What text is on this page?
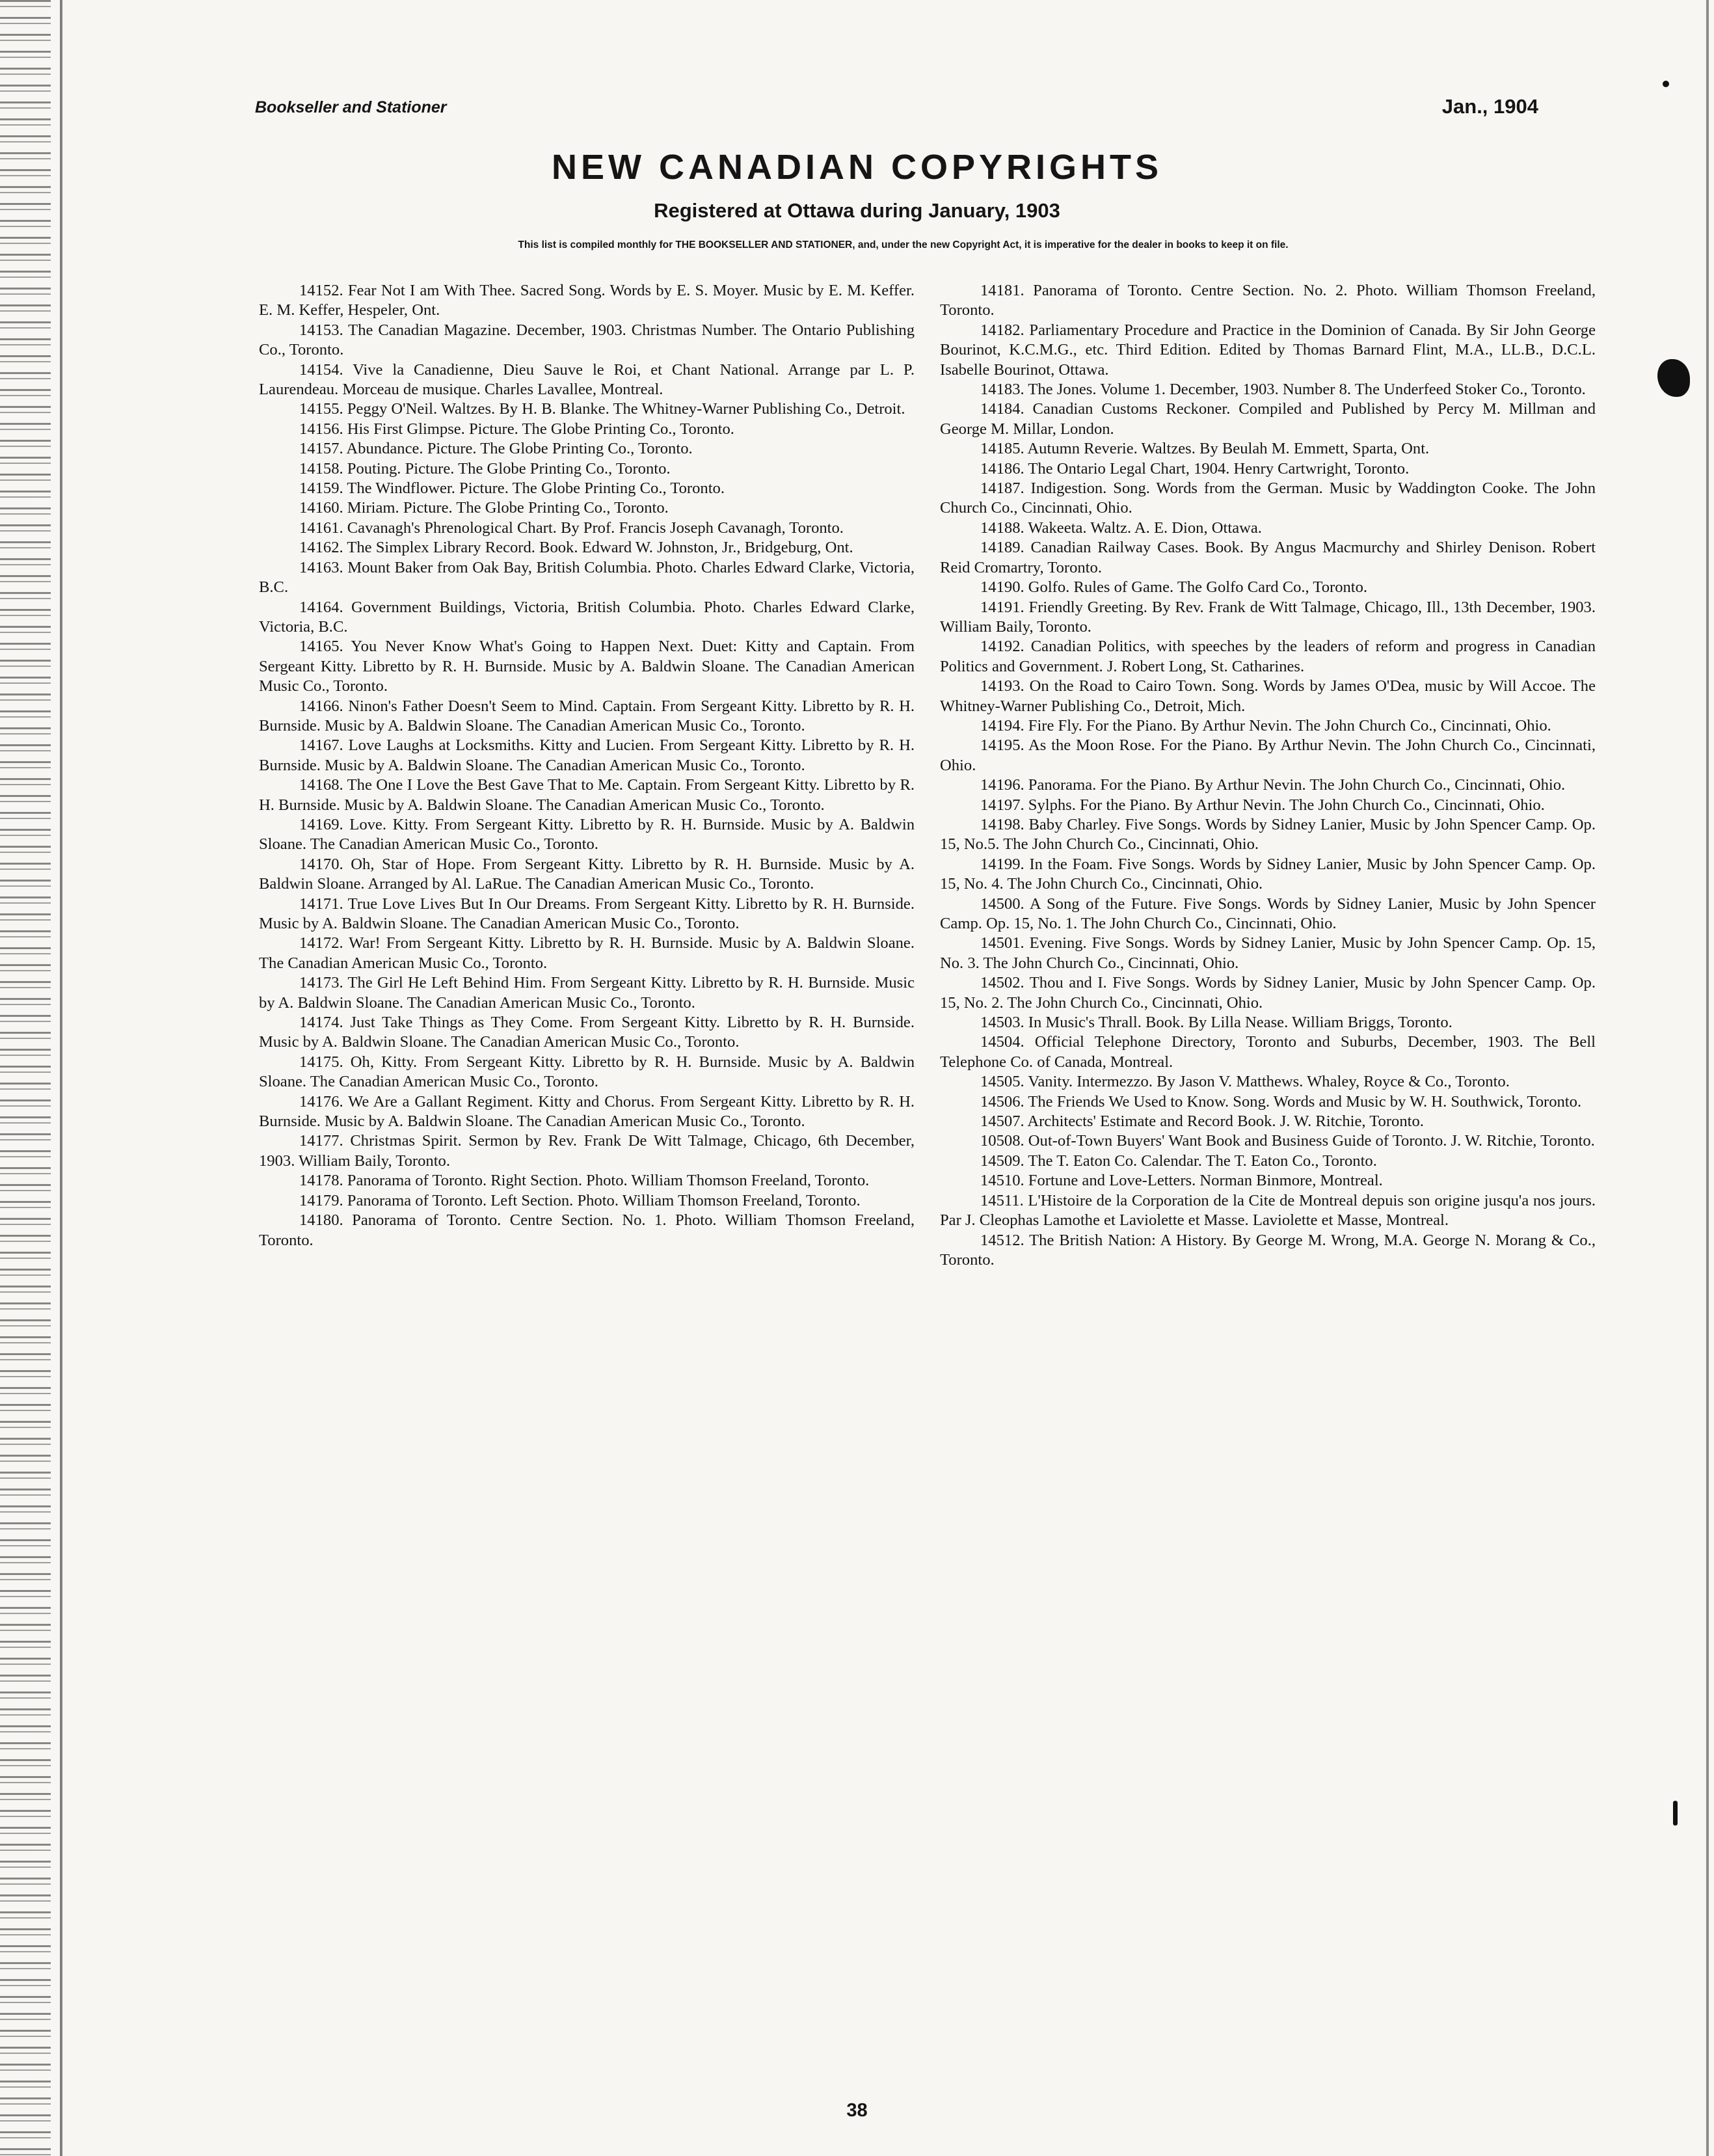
Bookseller and Stationer	Jan., 1904
NEW CANADIAN COPYRIGHTS
Registered at Ottawa during January, 1903
This list is compiled monthly for THE BOOKSELLER AND STATIONER, and, under the new Copyright Act, it is imperative for the dealer in books to keep it on file.

14152. Fear Not I am With Thee. Sacred Song. Words by E. S. Moyer. Music by E. M. Keffer. E. M. Keffer, Hespeler, Ont.

14153. The Canadian Magazine. December, 1903. Christmas Number. The Ontario Publishing Co., Toronto.

14154. Vive la Canadienne, Dieu Sauve le Roi, et Chant National. Arrange par L. P. Laurendeau. Morceau de musique. Charles Lavallee, Montreal.

14155. Peggy O'Neil. Waltzes. By H. B. Blanke. The Whitney-Warner Publishing Co., Detroit.

14156. His First Glimpse. Picture. The Globe Printing Co., Toronto.

14157. Abundance. Picture. The Globe Printing Co., Toronto.

14158. Pouting. Picture. The Globe Printing Co., Toronto.

14159. The Windflower. Picture. The Globe Printing Co., Toronto.

14160. Miriam. Picture. The Globe Printing Co., Toronto.

14161. Cavanagh's Phrenological Chart. By Prof. Francis Joseph Cavanagh, Toronto.

14162. The Simplex Library Record. Book. Edward W. Johnston, Jr., Bridgeburg, Ont.

14163. Mount Baker from Oak Bay, British Columbia. Photo. Charles Edward Clarke, Victoria, B.C.

14164. Government Buildings, Victoria, British Columbia. Photo. Charles Edward Clarke, Victoria, B.C.

14165. You Never Know What's Going to Happen Next. Duet: Kitty and Captain. From Sergeant Kitty. Libretto by R. H. Burnside. Music by A. Baldwin Sloane. The Canadian American Music Co., Toronto.

14166. Ninon's Father Doesn't Seem to Mind. Captain. From Sergeant Kitty. Libretto by R. H. Burnside. Music by A. Baldwin Sloane. The Canadian American Music Co., Toronto.

14167. Love Laughs at Locksmiths. Kitty and Lucien. From Sergeant Kitty. Libretto by R. H. Burnside. Music by A. Baldwin Sloane. The Canadian American Music Co., Toronto.

14168. The One I Love the Best Gave That to Me. Captain. From Sergeant Kitty. Libretto by R. H. Burnside. Music by A. Baldwin Sloane. The Canadian American Music Co., Toronto.

14169. Love. Kitty. From Sergeant Kitty. Libretto by R. H. Burnside. Music by A. Baldwin Sloane. The Canadian American Music Co., Toronto.

14170. Oh, Star of Hope. From Sergeant Kitty. Libretto by R. H. Burnside. Music by A. Baldwin Sloane. Arranged by Al. LaRue. The Canadian American Music Co., Toronto.

14171. True Love Lives But In Our Dreams. From Sergeant Kitty. Libretto by R. H. Burnside. Music by A. Baldwin Sloane. The Canadian American Music Co., Toronto.

14172. War! From Sergeant Kitty. Libretto by R. H. Burnside. Music by A. Baldwin Sloane. The Canadian American Music Co., Toronto.

14173. The Girl He Left Behind Him. From Sergeant Kitty. Libretto by R. H. Burnside. Music by A. Baldwin Sloane. The Canadian American Music Co., Toronto.

14174. Just Take Things as They Come. From Sergeant Kitty. Libretto by R. H. Burnside. Music by A. Baldwin Sloane. The Canadian American Music Co., Toronto.

14175. Oh, Kitty. From Sergeant Kitty. Libretto by R. H. Burnside. Music by A. Baldwin Sloane. The Canadian American Music Co., Toronto.

14176. We Are a Gallant Regiment. Kitty and Chorus. From Sergeant Kitty. Libretto by R. H. Burnside. Music by A. Baldwin Sloane. The Canadian American Music Co., Toronto.

14177. Christmas Spirit. Sermon by Rev. Frank De Witt Talmage, Chicago, 6th December, 1903. William Baily, Toronto.

14178. Panorama of Toronto. Right Section. Photo. William Thomson Freeland, Toronto.

14179. Panorama of Toronto. Left Section. Photo. William Thomson Freeland, Toronto.

14180. Panorama of Toronto. Centre Section. No. 1. Photo. William Thomson Freeland, Toronto.

14181. Panorama of Toronto. Centre Section. No. 2. Photo. William Thomson Freeland, Toronto.

14182. Parliamentary Procedure and Practice in the Dominion of Canada. By Sir John George Bourinot, K.C.M.G., etc. Third Edition. Edited by Thomas Barnard Flint, M.A., LL.B., D.C.L. Isabelle Bourinot, Ottawa.

14183. The Jones. Volume 1. December, 1903. Number 8. The Underfeed Stoker Co., Toronto.

14184. Canadian Customs Reckoner. Compiled and Published by Percy M. Millman and George M. Millar, London.

14185. Autumn Reverie. Waltzes. By Beulah M. Emmett, Sparta, Ont.

14186. The Ontario Legal Chart, 1904. Henry Cartwright, Toronto.

14187. Indigestion. Song. Words from the German. Music by Waddington Cooke. The John Church Co., Cincinnati, Ohio.

14188. Wakeeta. Waltz. A. E. Dion, Ottawa.

14189. Canadian Railway Cases. Book. By Angus Macmurchy and Shirley Denison. Robert Reid Cromartry, Toronto.

14190. Golfo. Rules of Game. The Golfo Card Co., Toronto.

14191. Friendly Greeting. By Rev. Frank de Witt Talmage, Chicago, Ill., 13th December, 1903. William Baily, Toronto.

14192. Canadian Politics, with speeches by the leaders of reform and progress in Canadian Politics and Government. J. Robert Long, St. Catharines.

14193. On the Road to Cairo Town. Song. Words by James O'Dea, music by Will Accoe. The Whitney-Warner Publishing Co., Detroit, Mich.

14194. Fire Fly. For the Piano. By Arthur Nevin. The John Church Co., Cincinnati, Ohio.

14195. As the Moon Rose. For the Piano. By Arthur Nevin. The John Church Co., Cincinnati, Ohio.

14196. Panorama. For the Piano. By Arthur Nevin. The John Church Co., Cincinnati, Ohio.

14197. Sylphs. For the Piano. By Arthur Nevin. The John Church Co., Cincinnati, Ohio.

14198. Baby Charley. Five Songs. Words by Sidney Lanier, Music by John Spencer Camp. Op. 15, No.5. The John Church Co., Cincinnati, Ohio.

14199. In the Foam. Five Songs. Words by Sidney Lanier, Music by John Spencer Camp. Op. 15, No. 4. The John Church Co., Cincinnati, Ohio.

14500. A Song of the Future. Five Songs. Words by Sidney Lanier, Music by John Spencer Camp. Op. 15, No. 1. The John Church Co., Cincinnati, Ohio.

14501. Evening. Five Songs. Words by Sidney Lanier, Music by John Spencer Camp. Op. 15, No. 3. The John Church Co., Cincinnati, Ohio.

14502. Thou and I. Five Songs. Words by Sidney Lanier, Music by John Spencer Camp. Op. 15, No. 2. The John Church Co., Cincinnati, Ohio.

14503. In Music's Thrall. Book. By Lilla Nease. William Briggs, Toronto.

14504. Official Telephone Directory, Toronto and Suburbs, December, 1903. The Bell Telephone Co. of Canada, Montreal.

14505. Vanity. Intermezzo. By Jason V. Matthews. Whaley, Royce & Co., Toronto.

14506. The Friends We Used to Know. Song. Words and Music by W. H. Southwick, Toronto.

14507. Architects' Estimate and Record Book. J. W. Ritchie, Toronto.

10508. Out-of-Town Buyers' Want Book and Business Guide of Toronto. J. W. Ritchie, Toronto.

14509. The T. Eaton Co. Calendar. The T. Eaton Co., Toronto.

14510. Fortune and Love-Letters. Norman Binmore, Montreal.

14511. L'Histoire de la Corporation de la Cite de Montreal depuis son origine jusqu'a nos jours. Par J. Cleophas Lamothe et Laviolette et Masse. Laviolette et Masse, Montreal.

14512. The British Nation: A History. By George M. Wrong, M.A. George N. Morang & Co., Toronto.

38
